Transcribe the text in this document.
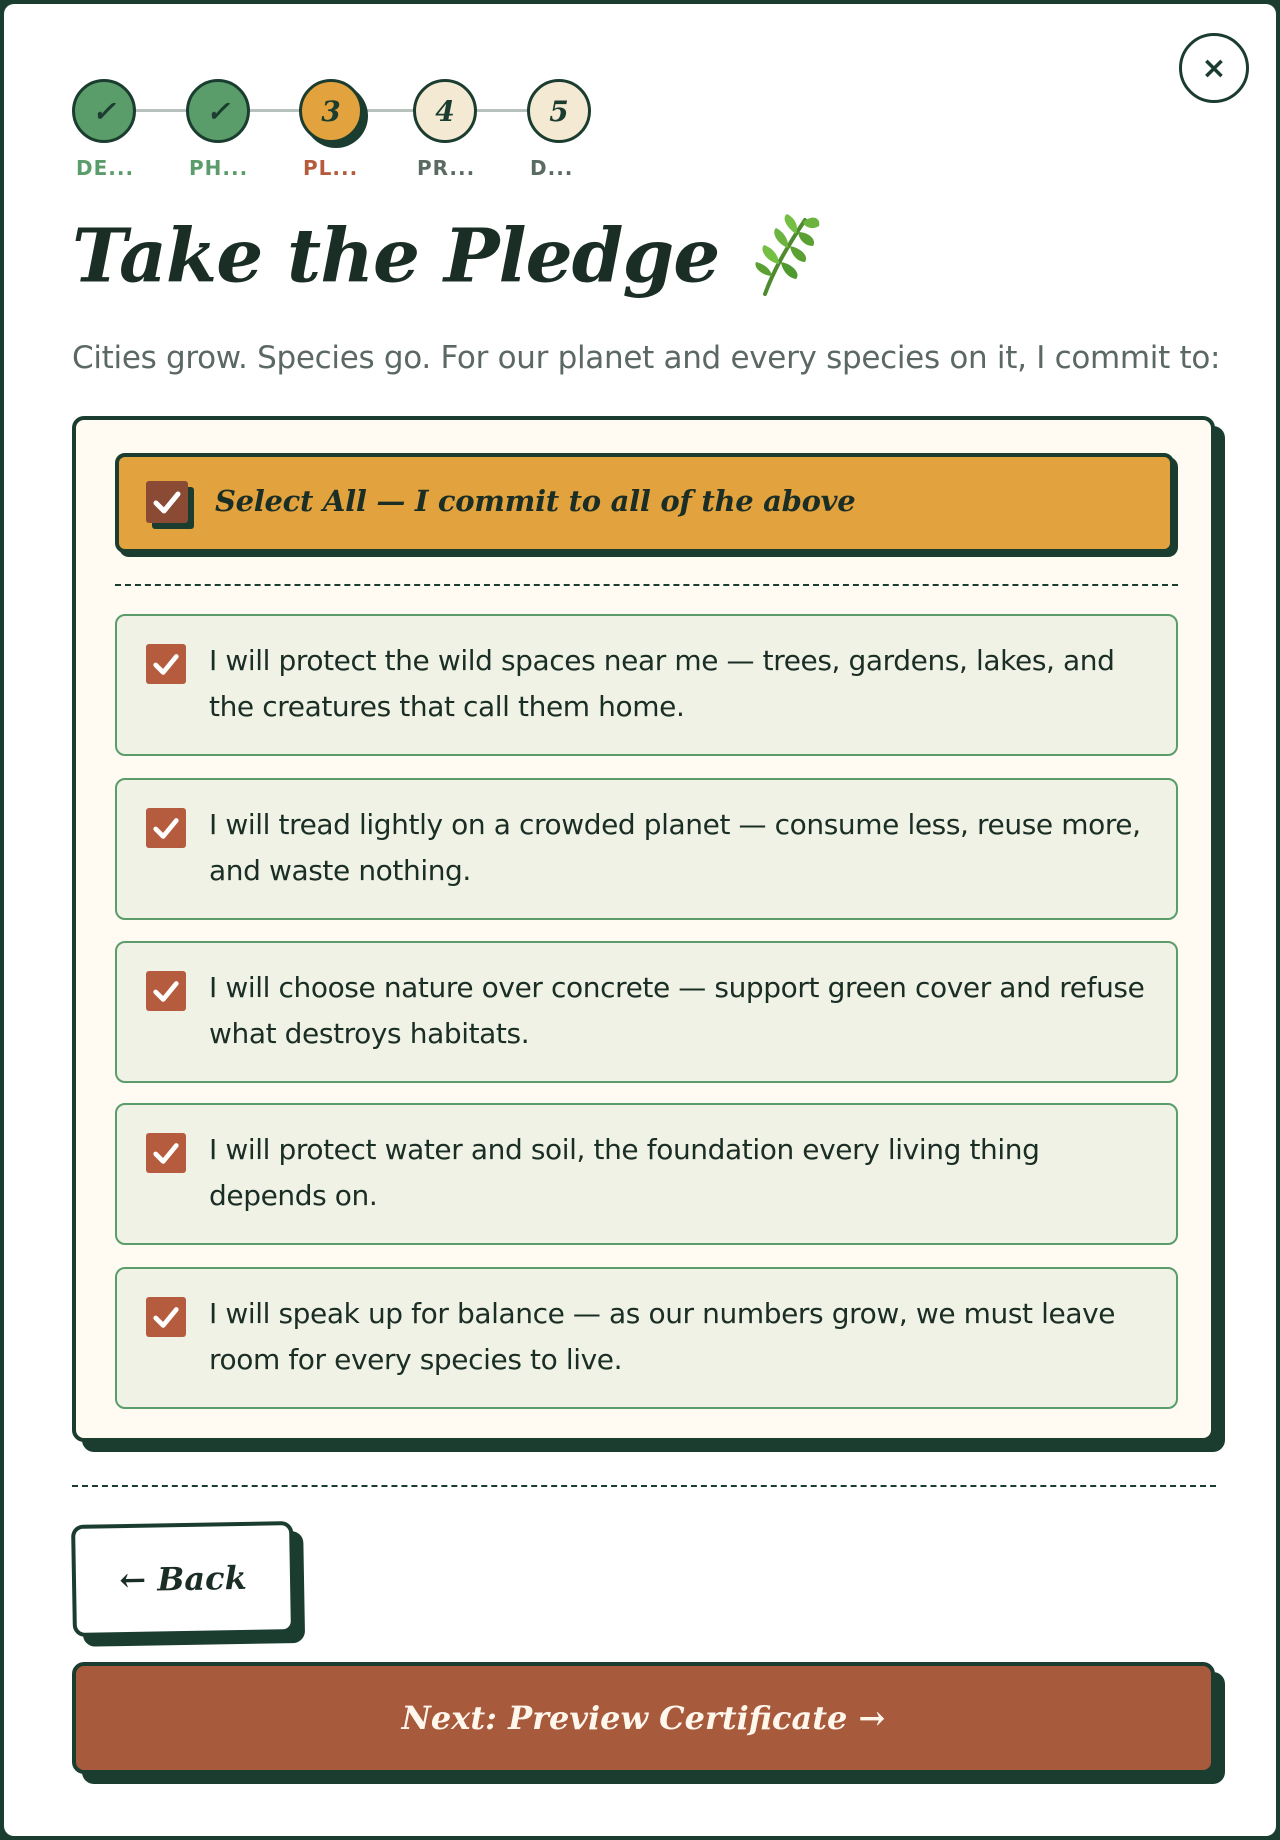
×
✓	✓	3	4	5
DE...	PH...	PL...	PR...	D...
Take the Pledge

Cities grow. Species go. For our planet and every species on it, I commit to:

Select All — I commit to all of the above
I will protect the wild spaces near me — trees, gardens, lakes, and the creatures that call them home.
I will tread lightly on a crowded planet — consume less, reuse more, and waste nothing.
I will choose nature over concrete — support green cover and refuse what destroys habitats.
I will protect water and soil, the foundation every living thing depends on.
I will speak up for balance — as our numbers grow, we must leave room for every species to live.
← Back
Next: Preview Certificate →
